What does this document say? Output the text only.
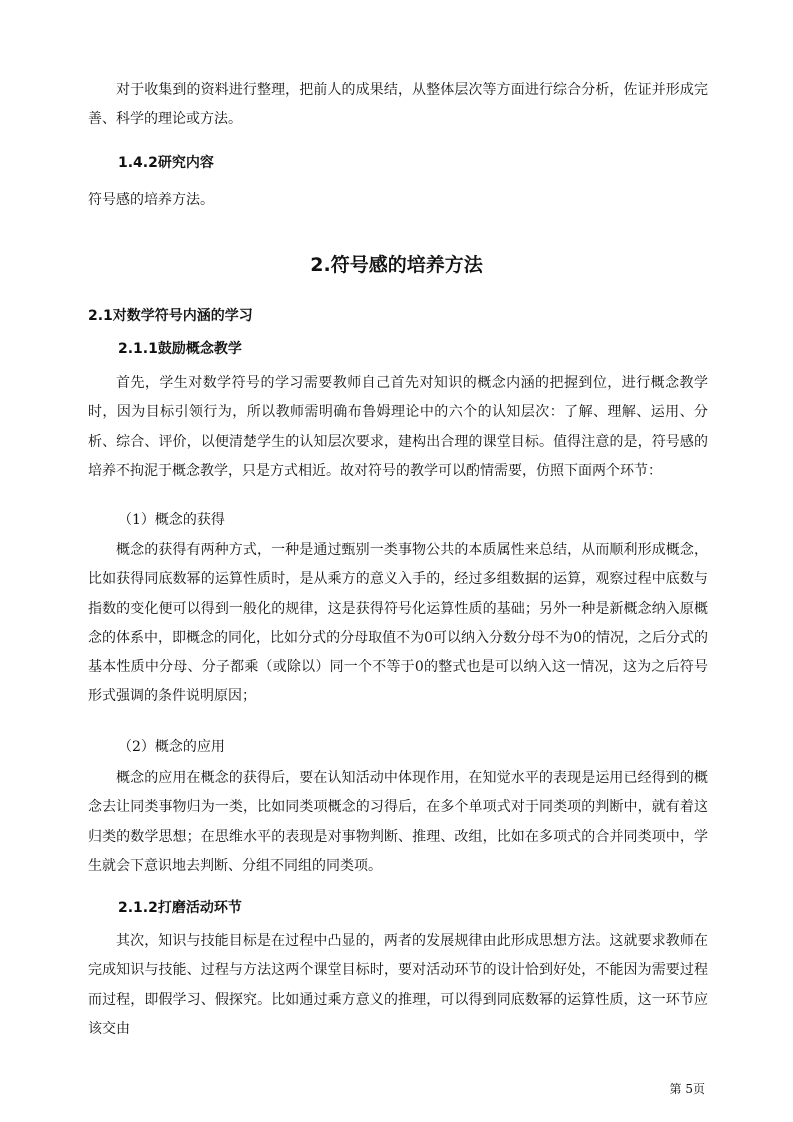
对于收集到的资料进行整理，把前人的成果结，从整体层次等方面进行综合分析，佐证并形成完善、科学的理论或方法。

1.4.2研究内容

符号感的培养方法。

2.符号感的培养方法
2.1对数学符号内涵的学习
2.1.1鼓励概念教学

首先，学生对数学符号的学习需要教师自己首先对知识的概念内涵的把握到位，进行概念教学时，因为目标引领行为，所以教师需明确布鲁姆理论中的六个的认知层次：了解、理解、运用、分析、综合、评价，以便清楚学生的认知层次要求，建构出合理的课堂目标。值得注意的是，符号感的培养不拘泥于概念教学，只是方式相近。故对符号的教学可以酌情需要，仿照下面两个环节：

（1）概念的获得

概念的获得有两种方式，一种是通过甄别一类事物公共的本质属性来总结，从而顺利形成概念，比如获得同底数幂的运算性质时，是从乘方的意义入手的，经过多组数据的运算，观察过程中底数与指数的变化便可以得到一般化的规律，这是获得符号化运算性质的基础；另外一种是新概念纳入原概念的体系中，即概念的同化，比如分式的分母取值不为0可以纳入分数分母不为0的情况，之后分式的基本性质中分母、分子都乘（或除以）同一个不等于0的整式也是可以纳入这一情况，这为之后符号形式强调的条件说明原因；

（2）概念的应用

概念的应用在概念的获得后，要在认知活动中体现作用，在知觉水平的表现是运用已经得到的概念去让同类事物归为一类，比如同类项概念的习得后，在多个单项式对于同类项的判断中，就有着这归类的数学思想；在思维水平的表现是对事物判断、推理、改组，比如在多项式的合并同类项中，学生就会下意识地去判断、分组不同组的同类项。

2.1.2打磨活动环节

其次，知识与技能目标是在过程中凸显的，两者的发展规律由此形成思想方法。这就要求教师在完成知识与技能、过程与方法这两个课堂目标时，要对活动环节的设计恰到好处，不能因为需要过程而过程，即假学习、假探究。比如通过乘方意义的推理，可以得到同底数幂的运算性质，这一环节应该交由

第 5页
